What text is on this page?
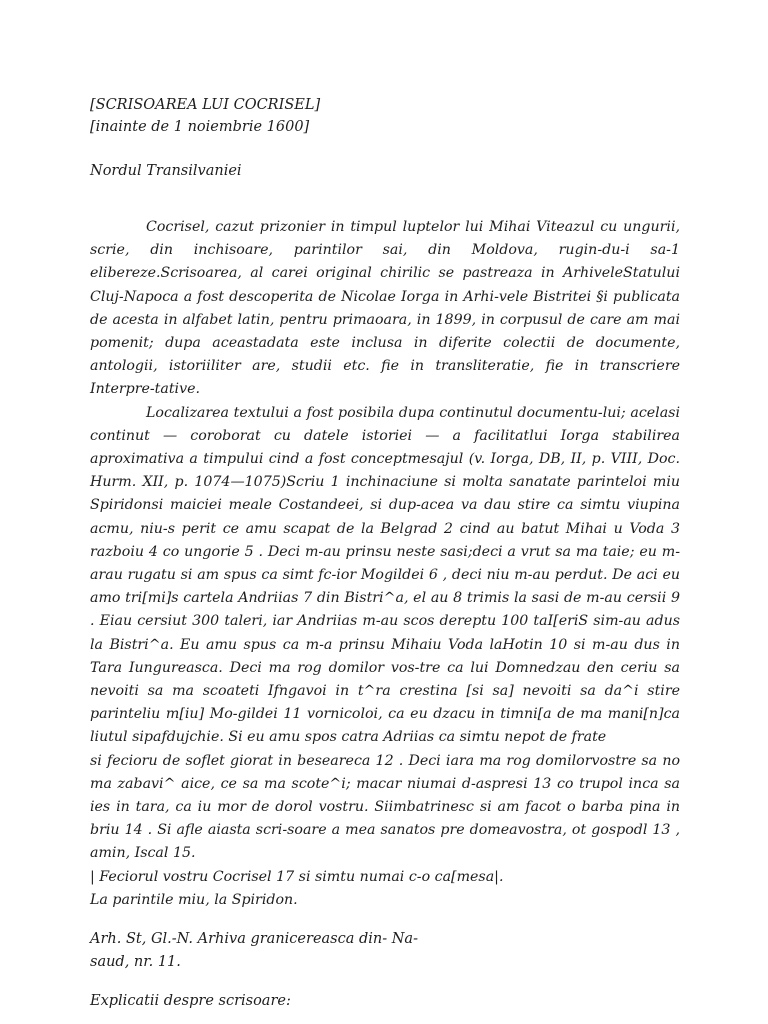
[SCRISOAREA LUI COCRISEL]
[inainte de 1 noiembrie 1600]
Nordul Transilvaniei

Cocrisel, cazut prizonier in timpul luptelor lui Mihai Viteazul cu ungurii, scrie, din inchisoare, parintilor sai, din Moldova, rugin-du-i sa-1 elibereze.Scrisoarea, al carei original chirilic se pastreaza in ArhiveleStatului Cluj-Napoca a fost descoperita de Nicolae Iorga in Arhi-vele Bistritei §i publicata de acesta in alfabet latin, pentru primaoara, in 1899, in corpusul de care am mai pomenit; dupa aceastadata este inclusa in diferite colectii de documente, antologii, istoriiliter are, studii etc. fie in transliteratie, fie in transcriere Interpre-tative.

Localizarea textului a fost posibila dupa continutul documentu-lui; acelasi continut — coroborat cu datele istoriei — a facilitatlui Iorga stabilirea aproximativa a timpului cind a fost conceptmesajul (v. Iorga, DB, II, p. VIII, Doc. Hurm. XII, p. 1074—1075)Scriu 1 inchinaciune si molta sanatate parinteloi miu Spiridonsi maiciei meale Costandeei, si dup-acea va dau stire ca simtu viupina acmu, niu-s perit ce amu scapat de la Belgrad 2 cind au batut Mihai u Voda 3 razboiu 4 co ungorie 5 . Deci m-au prinsu neste sasi;deci a vrut sa ma taie; eu m-arau rugatu si am spus ca simt fc-ior Mogildei 6 , deci niu m-au perdut. De aci eu amo tri[mi]s cartela Andriias 7 din Bistri^a, el au 8 trimis la sasi de m-au cersii 9 . Eiau cersiut 300 taleri, iar Andriias m-au scos dereptu 100 taI[eriS sim-au adus la Bistri^a. Eu amu spus ca m-a prinsu Mihaiu Voda laHotin 10 si m-au dus in Tara Iungureasca. Deci ma rog domilor vos-tre ca lui Domnedzau den ceriu sa nevoiti sa ma scoateti Ifngavoi in t^ra crestina [si sa] nevoiti sa da^i stire parinteliu m[iu] Mo-gildei 11 vornicoloi, ca eu dzacu in timni[a de ma mani[n]ca liutul sipafdujchie. Si eu amu spos catra Adriias ca simtu nepot de frate

si fecioru de soflet giorat in beseareca 12 . Deci iara ma rog domilorvostre sa no ma zabavi^ aice, ce sa ma scote^i; macar niumai d-aspresi 13 co trupol inca sa ies in tara, ca iu mor de dorol vostru. Siimbatrinesc si am facot o barba pina in briu 14 . Si afle aiasta scri-soare a mea sanatos pre domeavostra, ot gospodl 13 , amin, Iscal 15.

| Feciorul vostru Cocrisel 17 si simtu numai c-o ca[mesa|.
La parintile miu, la Spiridon.
Arh. St, Gl.-N. Arhiva granicereasca din- Na-
saud, nr. 11.
Explicatii despre scrisoare:
